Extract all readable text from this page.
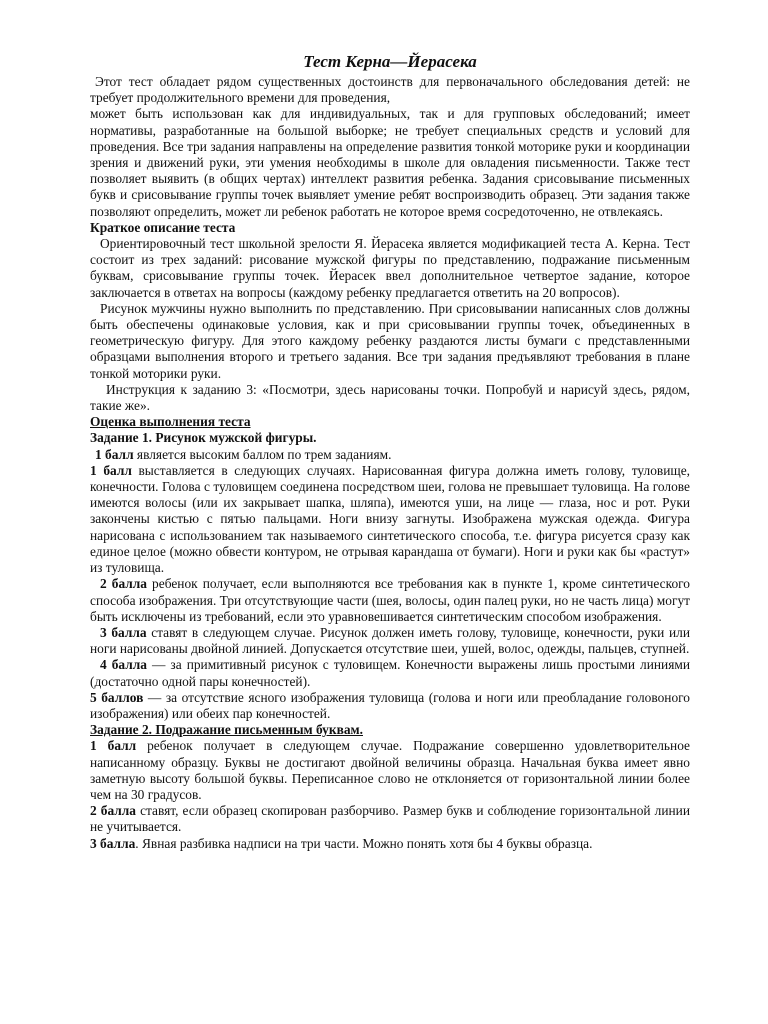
Тест Керна—Йерасека

Этот тест обладает рядом существенных достоинств для первоначального обследования детей: не требует продолжительного времени для проведения,

может быть использован как для индивидуальных, так и для групповых обследований; имеет нормативы, разработанные на большой выборке; не требует специальных средств и условий для проведения. Все три задания направлены на определение развития тонкой моторике руки и координации зрения и движений руки, эти умения необходимы в школе для овладения письменности. Также тест позволяет выявить (в общих чертах) интеллект развития ребенка. Задания срисовывание письменных букв и срисовывание группы точек выявляет умение ребят воспроизводить образец. Эти задания также позволяют определить, может ли ребенок работать не которое время сосредоточенно, не отвлекаясь.

Краткое описание теста

Ориентировочный тест школьной зрелости Я. Йерасека является модификацией теста А. Керна. Тест состоит из трех заданий: рисование мужской фигуры по представлению, подражание письменным буквам, срисовывание группы точек. Йерасек ввел дополнительное четвертое задание, которое заключается в ответах на вопросы (каждому ребенку предлагается ответить на 20 вопросов).

Рисунок мужчины нужно выполнить по представлению. При срисовывании написанных слов должны быть обеспечены одинаковые условия, как и при срисовывании группы точек, объединенных в геометрическую фигуру. Для этого каждому ребенку раздаются листы бумаги с представленными образцами выполнения второго и третьего задания. Все три задания предъявляют требования в плане тонкой моторики руки.

Инструкция к заданию 3: «Посмотри, здесь нарисованы точки. Попробуй и нарисуй здесь, рядом, такие же».

Оценка выполнения теста

Задание 1. Рисунок мужской фигуры.

1 балл является высоким баллом по трем заданиям.

1 балл выставляется в следующих случаях. Нарисованная фигура должна иметь голову, туловище, конечности. Голова с туловищем соединена посредством шеи, голова не превышает туловища. На голове имеются волосы (или их закрывает шапка, шляпа), имеются уши, на лице — глаза, нос и рот. Руки закончены кистью с пятью пальцами. Ноги внизу загнуты. Изображена мужская одежда. Фигура нарисована с использованием так называемого синтетического способа, т.е. фигура рисуется сразу как единое целое (можно обвести контуром, не отрывая карандаша от бумаги). Ноги и руки как бы «растут» из туловища.

2 балла ребенок получает, если выполняются все требования как в пункте 1, кроме синтетического способа изображения. Три отсутствующие части (шея, волосы, один палец руки, но не часть лица) могут быть исключены из требований, если это уравновешивается синтетическим способом изображения.

3 балла ставят в следующем случае. Рисунок должен иметь голову, туловище, конечности, руки или ноги нарисованы двойной линией. Допускается отсутствие шеи, ушей, волос, одежды, пальцев, ступней.

4 балла — за примитивный рисунок с туловищем. Конечности выражены лишь простыми линиями (достаточно одной пары конечностей).

5 баллов — за отсутствие ясного изображения туловища (голова и ноги или преобладание головоного изображения) или обеих пар конечностей.

Задание 2. Подражание письменным буквам.

1 балл ребенок получает в следующем случае. Подражание совершенно удовлетворительное написанному образцу. Буквы не достигают двойной величины образца. Начальная буква имеет явно заметную высоту большой буквы. Переписанное слово не отклоняется от горизонтальной линии более чем на 30 градусов.

2 балла ставят, если образец скопирован разборчиво. Размер букв и соблюдение горизонтальной линии не учитывается.

3 балла. Явная разбивка надписи на три части. Можно понять хотя бы 4 буквы образца.
